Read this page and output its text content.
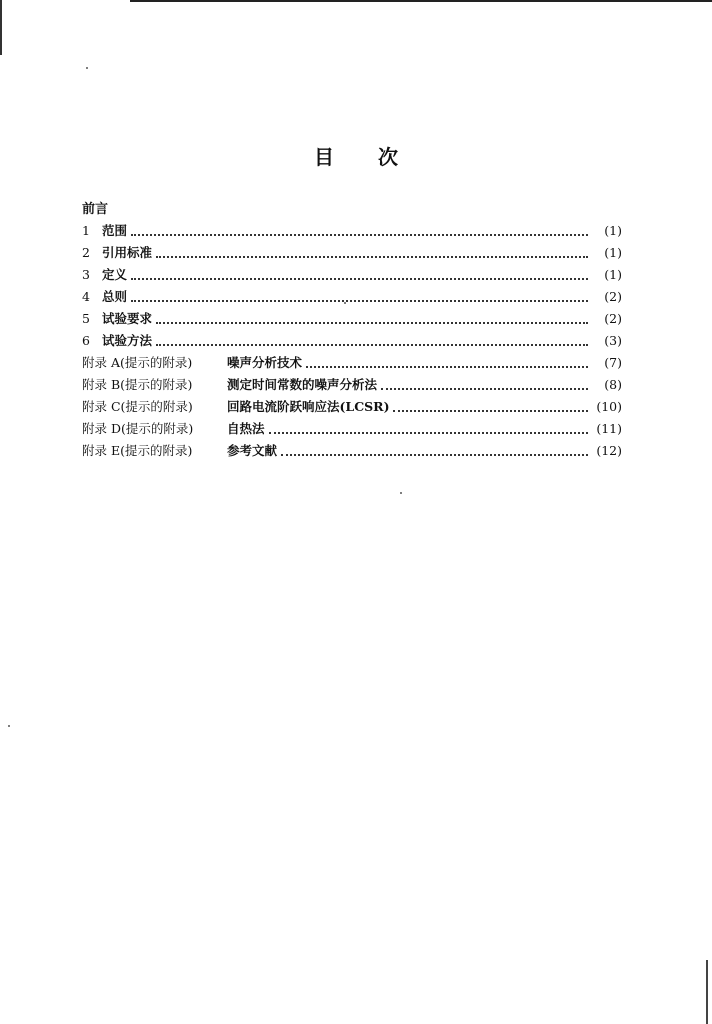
目 次
前言
1 范围	(1)
2 引用标准	(1)
3 定义	(1)
4 总则	(2)
5 试验要求	(2)
6 试验方法	(3)
附录 A(提示的附录)	噪声分析技术	(7)
附录 B(提示的附录)	测定时间常数的噪声分析法	(8)
附录 C(提示的附录)	回路电流阶跃响应法(LCSR)	(10)
附录 D(提示的附录)	自热法	(11)
附录 E(提示的附录)	参考文献	(12)
